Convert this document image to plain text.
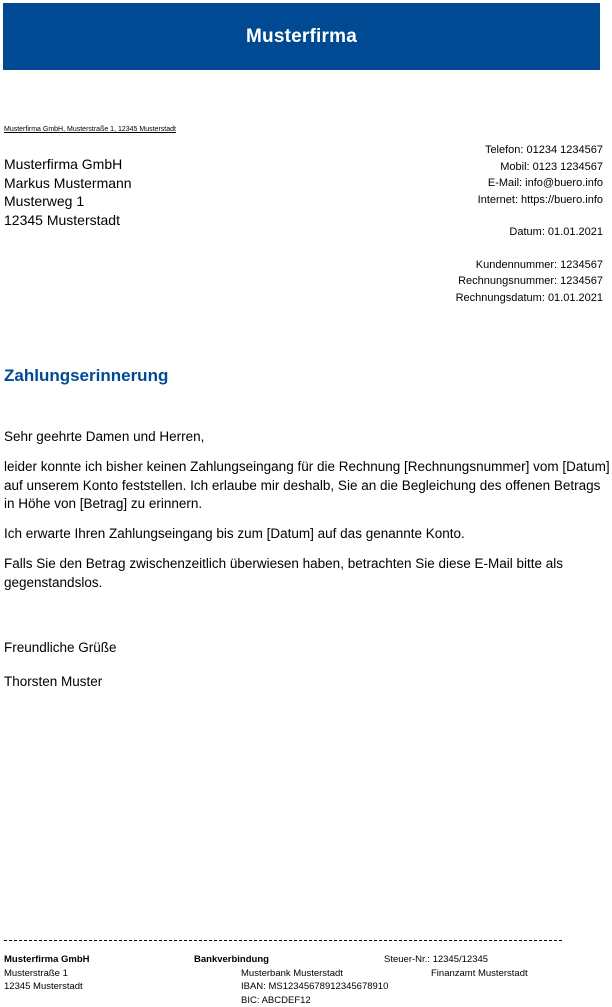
Musterfirma
Musterfirma GmbH, Musterstraße 1, 12345 Musterstadt
Musterfirma GmbH
Markus Mustermann
Musterweg 1
12345 Musterstadt
Telefon: 01234 1234567
Mobil: 0123 1234567
E-Mail: info@buero.info
Internet: https://buero.info
Datum: 01.01.2021
Kundennummer: 1234567
Rechnungsnummer: 1234567
Rechnungsdatum: 01.01.2021
Zahlungserinnerung

Sehr geehrte Damen und Herren,

leider konnte ich bisher keinen Zahlungseingang für die Rechnung [Rechnungsnummer] vom [Datum] auf unserem Konto feststellen. Ich erlaube mir deshalb, Sie an die Begleichung des offenen Betrags in Höhe von [Betrag] zu erinnern.

Ich erwarte Ihren Zahlungseingang bis zum [Datum] auf das genannte Konto.

Falls Sie den Betrag zwischenzeitlich überwiesen haben, betrachten Sie diese E-Mail bitte als gegenstandslos.

Freundliche Grüße
Thorsten Muster
Musterfirma GmbH
Musterstraße 1
12345 Musterstadt
Bankverbindung
Musterbank Musterstadt
IBAN: MS12345678912345678910
BIC: ABCDEF12
Steuer-Nr.: 12345/12345
Finanzamt Musterstadt
